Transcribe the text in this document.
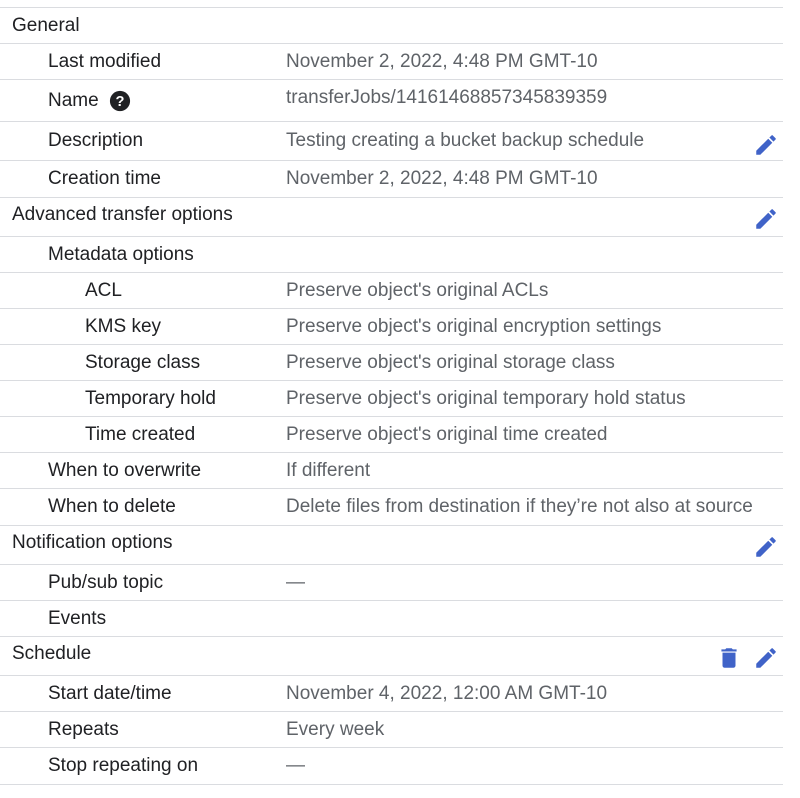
General
Last modified	November 2, 2022, 4:48 PM GMT-10
Name ?	transferJobs/14161468857345839359
Description	Testing creating a bucket backup schedule
Creation time	November 2, 2022, 4:48 PM GMT-10
Advanced transfer options
Metadata options
ACL	Preserve object's original ACLs
KMS key	Preserve object's original encryption settings
Storage class	Preserve object's original storage class
Temporary hold	Preserve object's original temporary hold status
Time created	Preserve object's original time created
When to overwrite	If different
When to delete	Delete files from destination if they’re not also at source
Notification options
Pub/sub topic	—
Events
Schedule
Start date/time	November 4, 2022, 12:00 AM GMT-10
Repeats	Every week
Stop repeating on	—
